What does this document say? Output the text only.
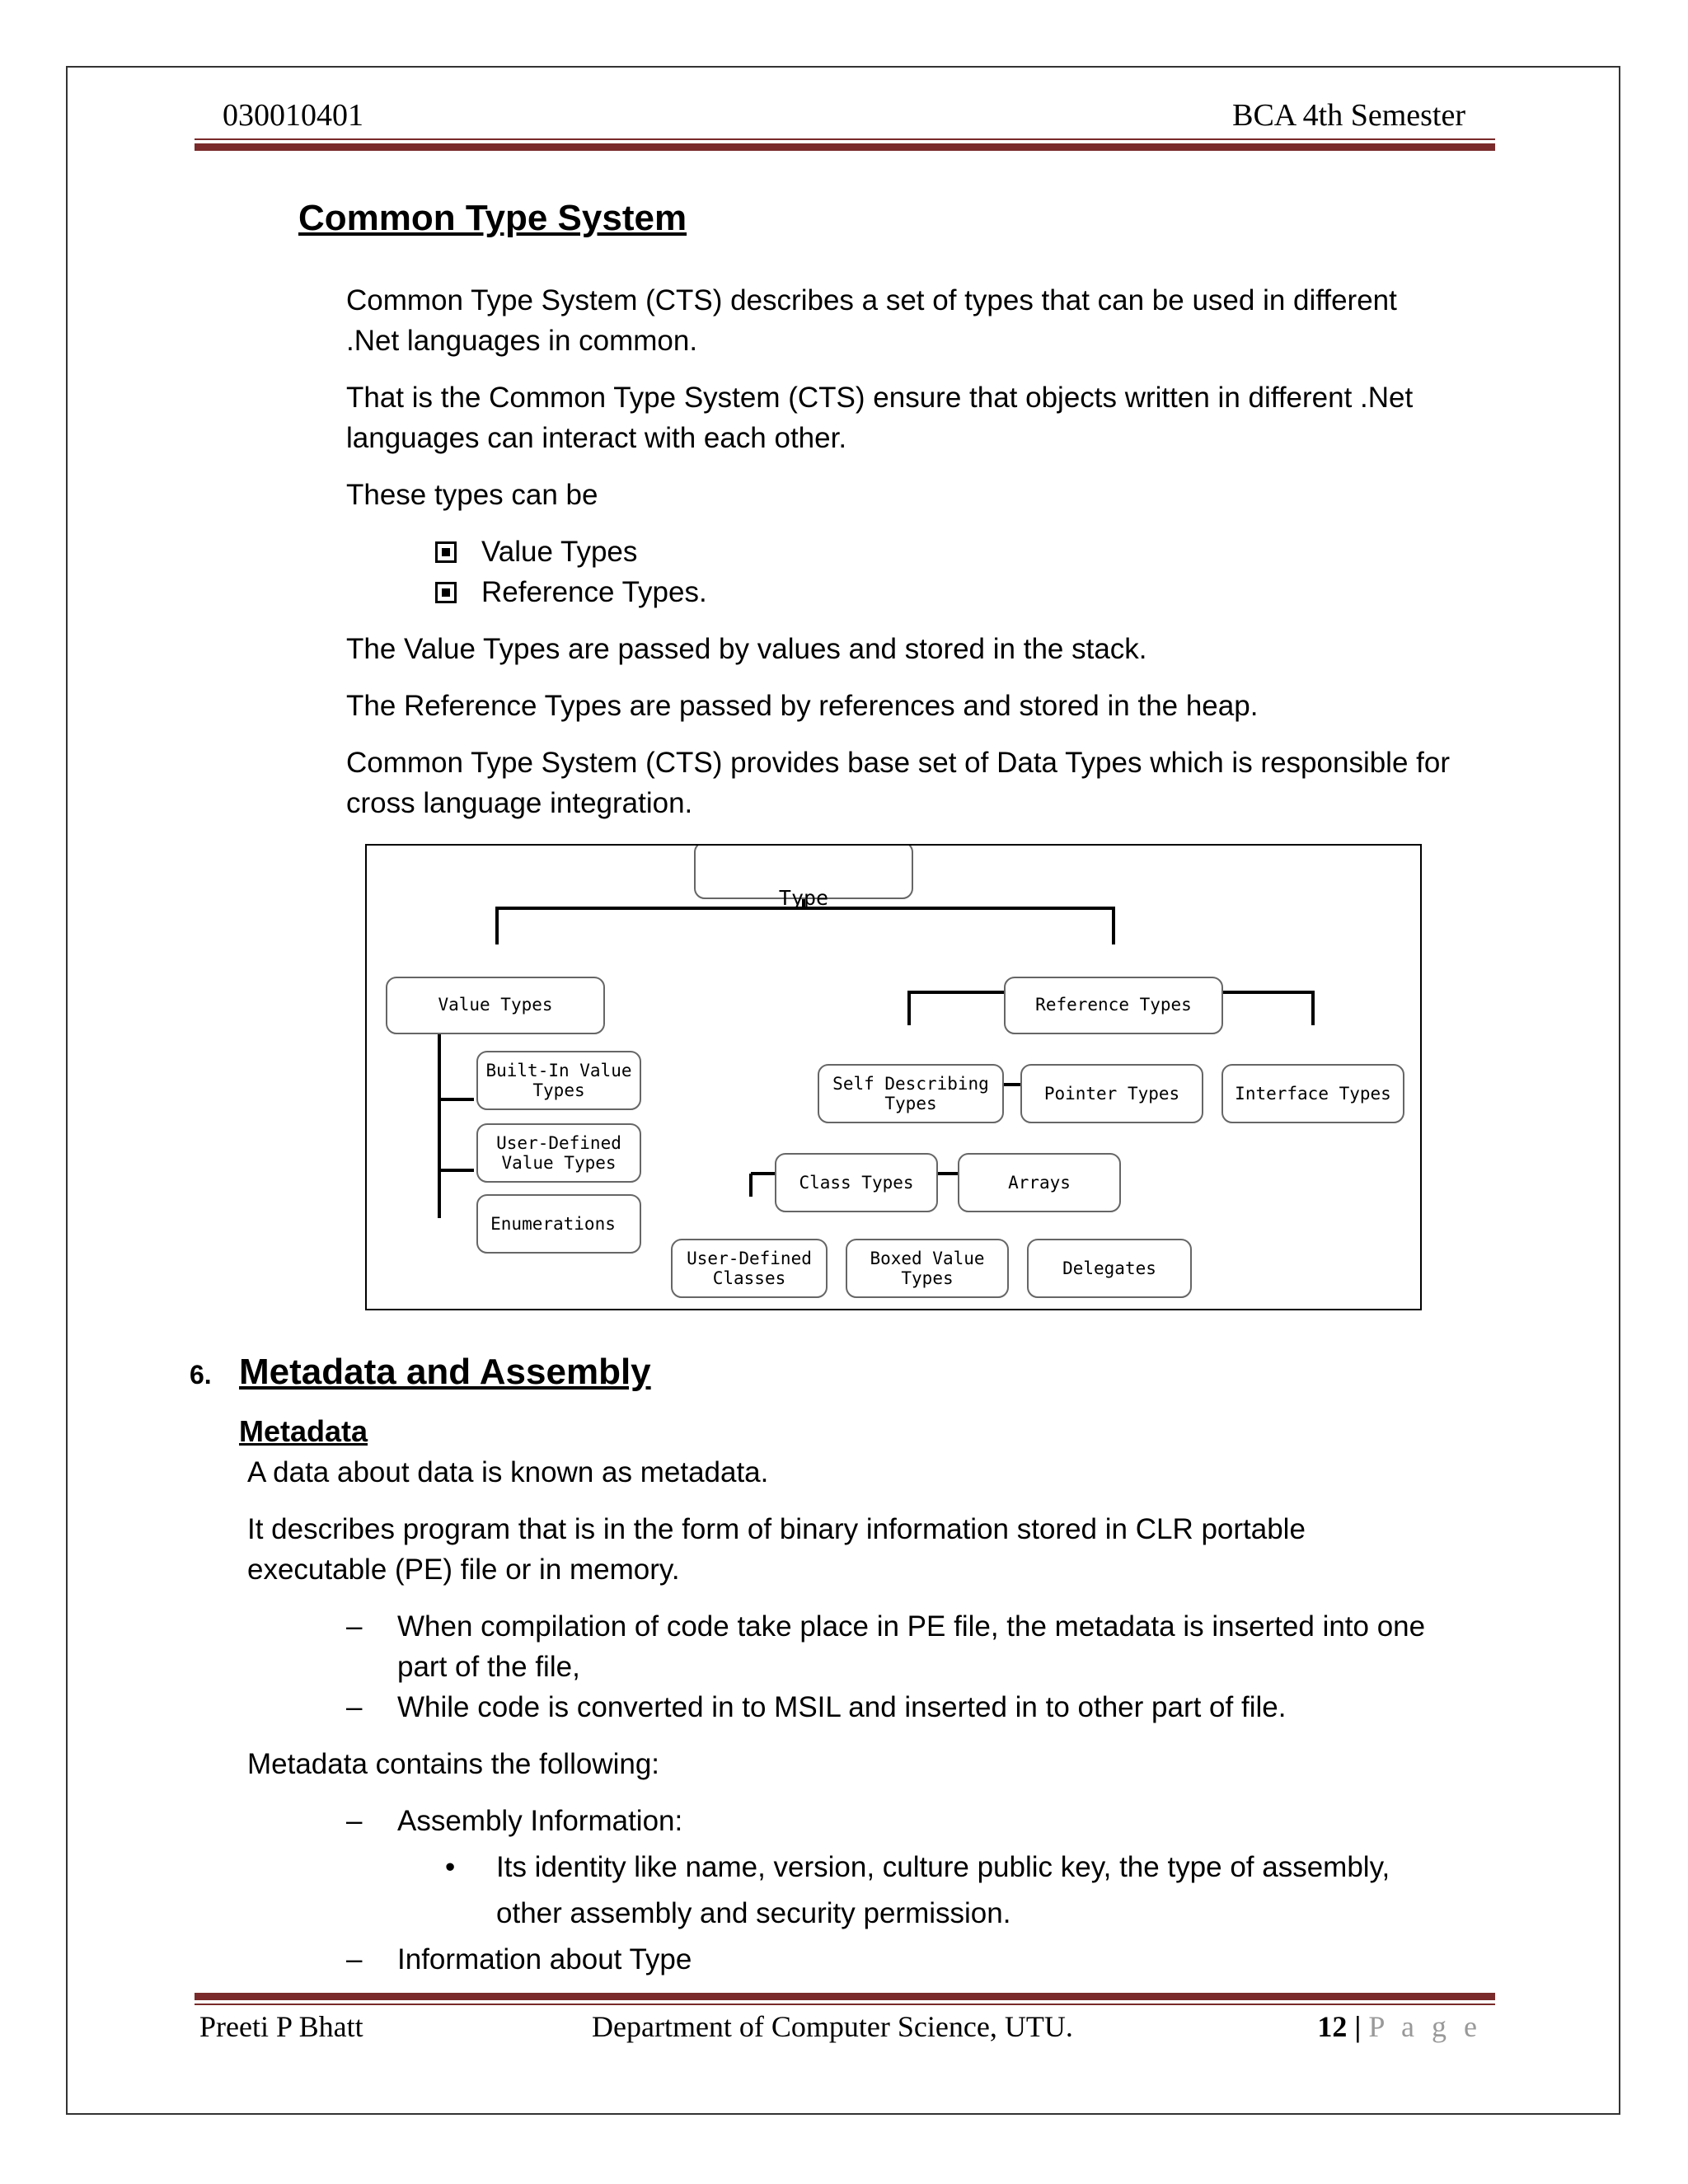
030010401	BCA 4th Semester
Common Type System

Common Type System (CTS) describes a set of types that can be used in different

.Net languages in common.

That is the Common Type System (CTS) ensure that objects written in different .Net

languages can interact with each other.

These types can be

Value Types
Reference Types.

The Value Types are passed by values and stored in the stack.

The Reference Types are passed by references and stored in the heap.

Common Type System (CTS) provides base set of Data Types which is responsible for

cross language integration.

Type
Value Types	Reference Types
Built-In Value
Types
User-Defined
Value Types
Enumerations
Self Describing
Types	Pointer Types	Interface Types
Class Types	Arrays
User-Defined
Classes
Boxed Value
Types	Delegates
6. Metadata and Assembly
Metadata

A data about data is known as metadata.

It describes program that is in the form of binary information stored in CLR portable

executable (PE) file or in memory.

– When compilation of code take place in PE file, the metadata is inserted into one
part of the file,
– While code is converted in to MSIL and inserted in to other part of file.

Metadata contains the following:

– Assembly Information:
• Its identity like name, version, culture public key, the type of assembly,
other assembly and security permission.
– Information about Type
Preeti P Bhatt	Department of Computer Science, UTU.	12 | P a g e
